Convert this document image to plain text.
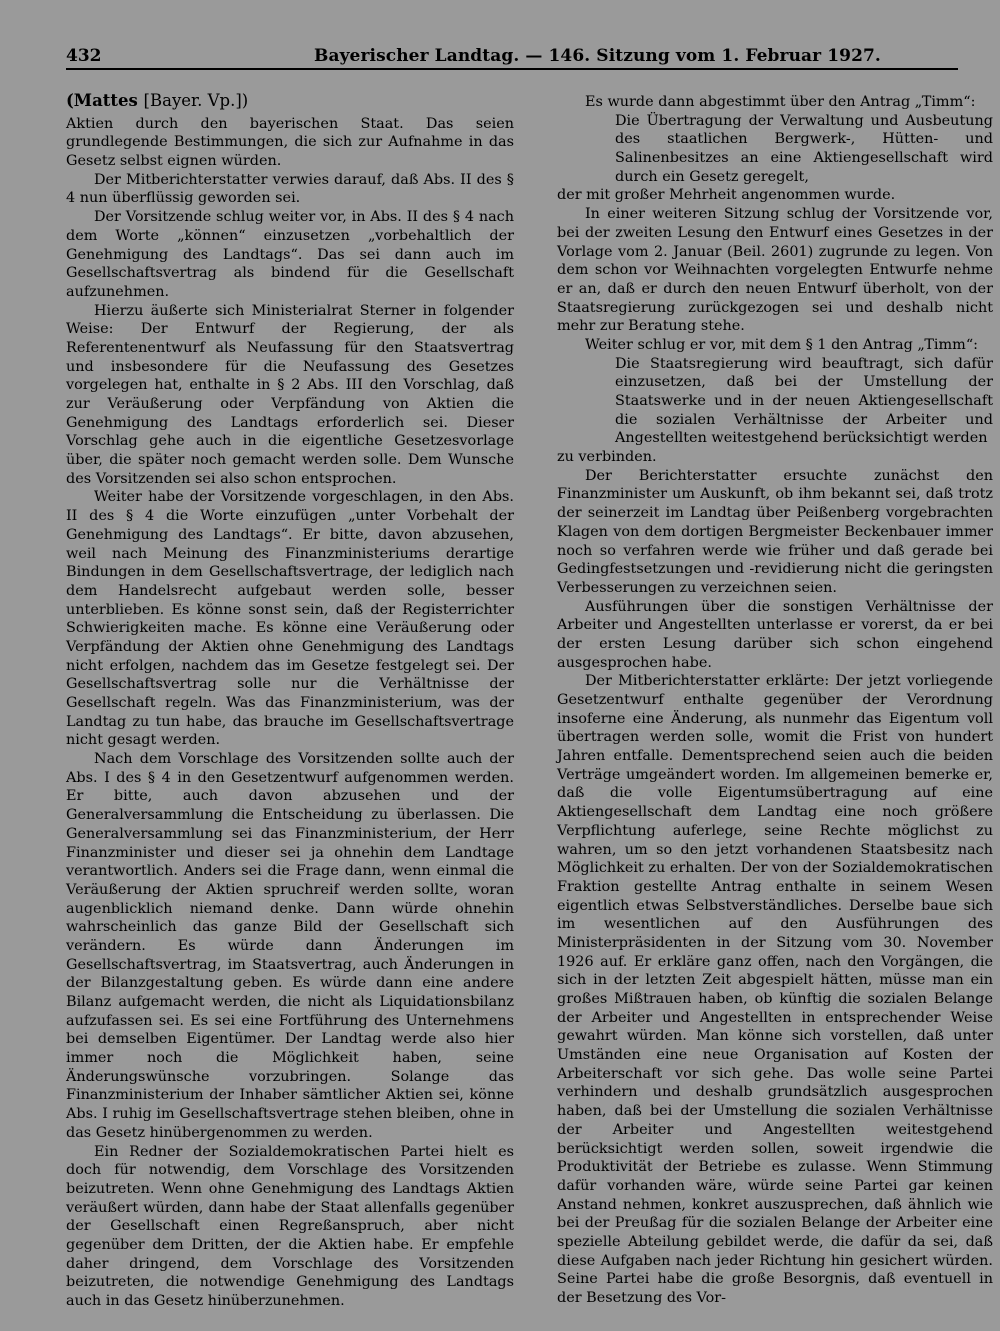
432	Bayerischer Landtag. — 146. Sitzung vom 1. Februar 1927.
(Mattes [Bayer. Vp.])

Aktien durch den bayerischen Staat. Das seien grundlegende Bestimmungen, die sich zur Aufnahme in das Gesetz selbst eignen würden.

Der Mitberichterstatter verwies darauf, daß Abs. II des § 4 nun überflüssig geworden sei.

Der Vorsitzende schlug weiter vor, in Abs. II des § 4 nach dem Worte „können“ einzusetzen „vorbehaltlich der Genehmigung des Landtags“. Das sei dann auch im Gesellschaftsvertrag als bindend für die Gesellschaft aufzunehmen.

Hierzu äußerte sich Ministerialrat Sterner in folgender Weise: Der Entwurf der Regierung, der als Referentenentwurf als Neufassung für den Staatsvertrag und insbesondere für die Neufassung des Gesetzes vorgelegen hat, enthalte in § 2 Abs. III den Vorschlag, daß zur Veräußerung oder Verpfändung von Aktien die Genehmigung des Landtags erforderlich sei. Dieser Vorschlag gehe auch in die eigentliche Gesetzesvorlage über, die später noch gemacht werden solle. Dem Wunsche des Vorsitzenden sei also schon entsprochen.

Weiter habe der Vorsitzende vorgeschlagen, in den Abs. II des § 4 die Worte einzufügen „unter Vorbehalt der Genehmigung des Landtags“. Er bitte, davon abzusehen, weil nach Meinung des Finanzministeriums derartige Bindungen in dem Gesellschaftsvertrage, der lediglich nach dem Handelsrecht aufgebaut werden solle, besser unterblieben. Es könne sonst sein, daß der Registerrichter Schwierigkeiten mache. Es könne eine Veräußerung oder Verpfändung der Aktien ohne Genehmigung des Landtags nicht erfolgen, nachdem das im Gesetze festgelegt sei. Der Gesellschaftsvertrag solle nur die Verhältnisse der Gesellschaft regeln. Was das Finanzministerium, was der Landtag zu tun habe, das brauche im Gesellschaftsvertrage nicht gesagt werden.

Nach dem Vorschlage des Vorsitzenden sollte auch der Abs. I des § 4 in den Gesetzentwurf aufgenommen werden. Er bitte, auch davon abzusehen und der Generalversammlung die Entscheidung zu überlassen. Die Generalversammlung sei das Finanzministerium, der Herr Finanzminister und dieser sei ja ohnehin dem Landtage verantwortlich. Anders sei die Frage dann, wenn einmal die Veräußerung der Aktien spruchreif werden sollte, woran augenblicklich niemand denke. Dann würde ohnehin wahrscheinlich das ganze Bild der Gesellschaft sich verändern. Es würde dann Änderungen im Gesellschaftsvertrag, im Staatsvertrag, auch Änderungen in der Bilanzgestaltung geben. Es würde dann eine andere Bilanz aufgemacht werden, die nicht als Liquidationsbilanz aufzufassen sei. Es sei eine Fortführung des Unternehmens bei demselben Eigentümer. Der Landtag werde also hier immer noch die Möglichkeit haben, seine Änderungswünsche vorzubringen. Solange das Finanzministerium der Inhaber sämtlicher Aktien sei, könne Abs. I ruhig im Gesellschaftsvertrage stehen bleiben, ohne in das Gesetz hinübergenommen zu werden.

Ein Redner der Sozialdemokratischen Partei hielt es doch für notwendig, dem Vorschlage des Vorsitzenden beizutreten. Wenn ohne Genehmigung des Landtags Aktien veräußert würden, dann habe der Staat allenfalls gegenüber der Gesellschaft einen Regreßanspruch, aber nicht gegenüber dem Dritten, der die Aktien habe. Er empfehle daher dringend, dem Vorschlage des Vorsitzenden beizutreten, die notwendige Genehmigung des Landtags auch in das Gesetz hinüberzunehmen.

Es wurde dann abgestimmt über den Antrag „Timm“:

Die Übertragung der Verwaltung und Ausbeutung des staatlichen Bergwerk-, Hütten- und Salinenbesitzes an eine Aktiengesellschaft wird durch ein Gesetz geregelt,

der mit großer Mehrheit angenommen wurde.

In einer weiteren Sitzung schlug der Vorsitzende vor, bei der zweiten Lesung den Entwurf eines Gesetzes in der Vorlage vom 2. Januar (Beil. 2601) zugrunde zu legen. Von dem schon vor Weihnachten vorgelegten Entwurfe nehme er an, daß er durch den neuen Entwurf überholt, von der Staatsregierung zurückgezogen sei und deshalb nicht mehr zur Beratung stehe.

Weiter schlug er vor, mit dem § 1 den Antrag „Timm“:

Die Staatsregierung wird beauftragt, sich dafür einzusetzen, daß bei der Umstellung der Staatswerke und in der neuen Aktiengesellschaft die sozialen Verhältnisse der Arbeiter und Angestellten weitestgehend berücksichtigt werden

zu verbinden.

Der Berichterstatter ersuchte zunächst den Finanzminister um Auskunft, ob ihm bekannt sei, daß trotz der seinerzeit im Landtag über Peißenberg vorgebrachten Klagen von dem dortigen Bergmeister Beckenbauer immer noch so verfahren werde wie früher und daß gerade bei Gedingfestsetzungen und -revidierung nicht die geringsten Verbesserungen zu verzeichnen seien.

Ausführungen über die sonstigen Verhältnisse der Arbeiter und Angestellten unterlasse er vorerst, da er bei der ersten Lesung darüber sich schon eingehend ausgesprochen habe.

Der Mitberichterstatter erklärte: Der jetzt vorliegende Gesetzentwurf enthalte gegenüber der Verordnung insoferne eine Änderung, als nunmehr das Eigentum voll übertragen werden solle, womit die Frist von hundert Jahren entfalle. Dementsprechend seien auch die beiden Verträge umgeändert worden. Im allgemeinen bemerke er, daß die volle Eigentumsübertragung auf eine Aktiengesellschaft dem Landtag eine noch größere Verpflichtung auferlege, seine Rechte möglichst zu wahren, um so den jetzt vorhandenen Staatsbesitz nach Möglichkeit zu erhalten. Der von der Sozialdemokratischen Fraktion gestellte Antrag enthalte in seinem Wesen eigentlich etwas Selbstverständliches. Derselbe baue sich im wesentlichen auf den Ausführungen des Ministerpräsidenten in der Sitzung vom 30. November 1926 auf. Er erkläre ganz offen, nach den Vorgängen, die sich in der letzten Zeit abgespielt hätten, müsse man ein großes Mißtrauen haben, ob künftig die sozialen Belange der Arbeiter und Angestellten in entsprechender Weise gewahrt würden. Man könne sich vorstellen, daß unter Umständen eine neue Organisation auf Kosten der Arbeiterschaft vor sich gehe. Das wolle seine Partei verhindern und deshalb grundsätzlich ausgesprochen haben, daß bei der Umstellung die sozialen Verhältnisse der Arbeiter und Angestellten weitestgehend berücksichtigt werden sollen, soweit irgendwie die Produktivität der Betriebe es zulasse. Wenn Stimmung dafür vorhanden wäre, würde seine Partei gar keinen Anstand nehmen, konkret auszusprechen, daß ähnlich wie bei der Preußag für die sozialen Belange der Arbeiter eine spezielle Abteilung gebildet werde, die dafür da sei, daß diese Aufgaben nach jeder Richtung hin gesichert würden. Seine Partei habe die große Besorgnis, daß eventuell in der Besetzung des Vor-
